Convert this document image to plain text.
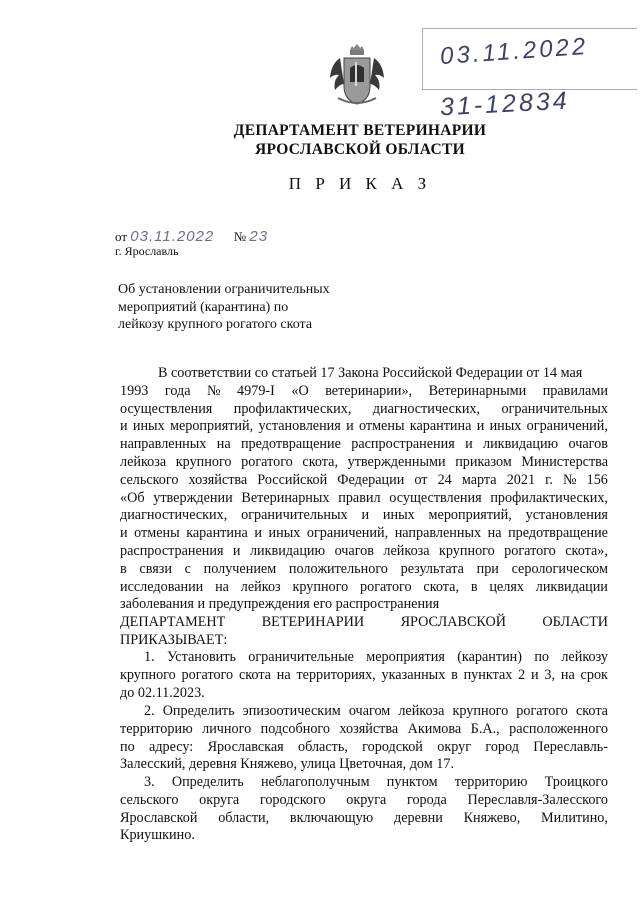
03.11.2022
31-12834
ДЕПАРТАМЕНТ ВЕТЕРИНАРИИ
ЯРОСЛАВСКОЙ ОБЛАСТИ
П Р И К А З
от 03.11.2022 № 23
г. Ярославль
Об установлении ограничительных
мероприятий (карантина) по
лейкозу крупного рогатого скота
В соответствии со статьей 17 Закона Российской Федерации от 14 мая
1993 года № 4979-I «О ветеринарии», Ветеринарными правилами
осуществления профилактических, диагностических, ограничительных
и иных мероприятий, установления и отмены карантина и иных ограничений,
направленных на предотвращение распространения и ликвидацию очагов
лейкоза крупного рогатого скота, утвержденными приказом Министерства
сельского хозяйства Российской Федерации от 24 марта 2021 г. № 156
«Об утверждении Ветеринарных правил осуществления профилактических,
диагностических, ограничительных и иных мероприятий, установления
и отмены карантина и иных ограничений, направленных на предотвращение
распространения и ликвидацию очагов лейкоза крупного рогатого скота»,
в связи с получением положительного результата при серологическом
исследовании на лейкоз крупного рогатого скота, в целях ликвидации
заболевания и предупреждения его распространения
ДЕПАРТАМЕНТ	ВЕТЕРИНАРИИ	ЯРОСЛАВСКОЙ	ОБЛАСТИ
ПРИКАЗЫВАЕТ:
1. Установить ограничительные мероприятия (карантин) по лейкозу
крупного рогатого скота на территориях, указанных в пунктах 2 и 3, на срок
до 02.11.2023.
2. Определить эпизоотическим очагом лейкоза крупного рогатого скота
территорию личного подсобного хозяйства Акимова Б.А., расположенного
по адресу: Ярославская область, городской округ город Переславль-
Залесский, деревня Княжево, улица Цветочная, дом 17.
3. Определить неблагополучным пунктом территорию Троицкого
сельского округа городского округа города Переславля-Залесского
Ярославской области, включающую деревни Княжево, Милитино,
Криушкино.
